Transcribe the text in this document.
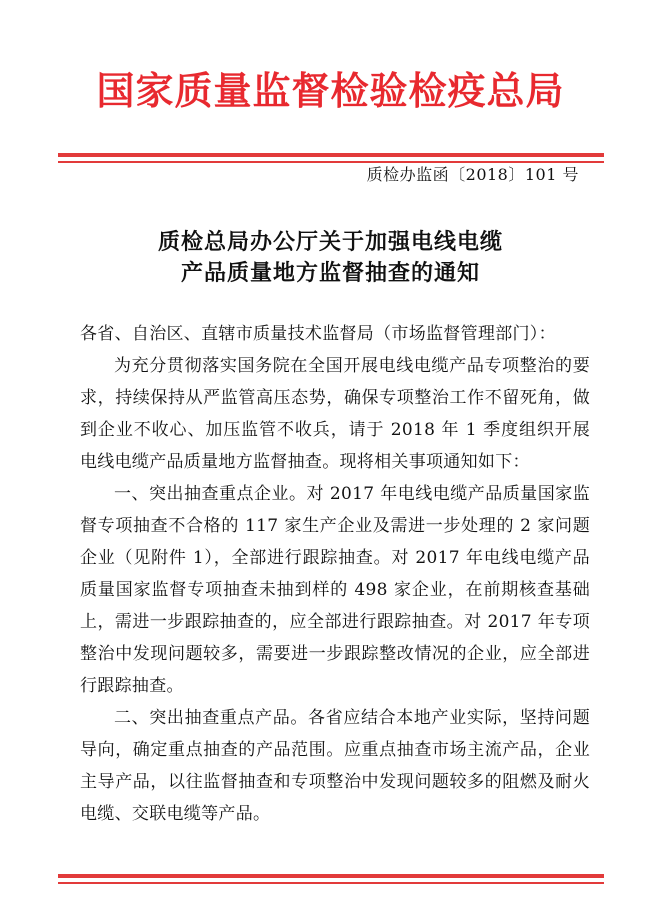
国家质量监督检验检疫总局
质检办监函〔2018〕101 号
质检总局办公厅关于加强电线电缆
产品质量地方监督抽查的通知

各省、自治区、直辖市质量技术监督局（市场监督管理部门）：

为充分贯彻落实国务院在全国开展电线电缆产品专项整治的要求，持续保持从严监管高压态势，确保专项整治工作不留死角，做到企业不收心、加压监管不收兵，请于 2018 年 1 季度组织开展电线电缆产品质量地方监督抽查。现将相关事项通知如下：

一、突出抽查重点企业。对 2017 年电线电缆产品质量国家监督专项抽查不合格的 117 家生产企业及需进一步处理的 2 家问题企业（见附件 1），全部进行跟踪抽查。对 2017 年电线电缆产品质量国家监督专项抽查未抽到样的 498 家企业，在前期核查基础上，需进一步跟踪抽查的，应全部进行跟踪抽查。对 2017 年专项整治中发现问题较多，需要进一步跟踪整改情况的企业，应全部进行跟踪抽查。

二、突出抽查重点产品。各省应结合本地产业实际，坚持问题导向，确定重点抽查的产品范围。应重点抽查市场主流产品，企业主导产品，以往监督抽查和专项整治中发现问题较多的阻燃及耐火电缆、交联电缆等产品。
